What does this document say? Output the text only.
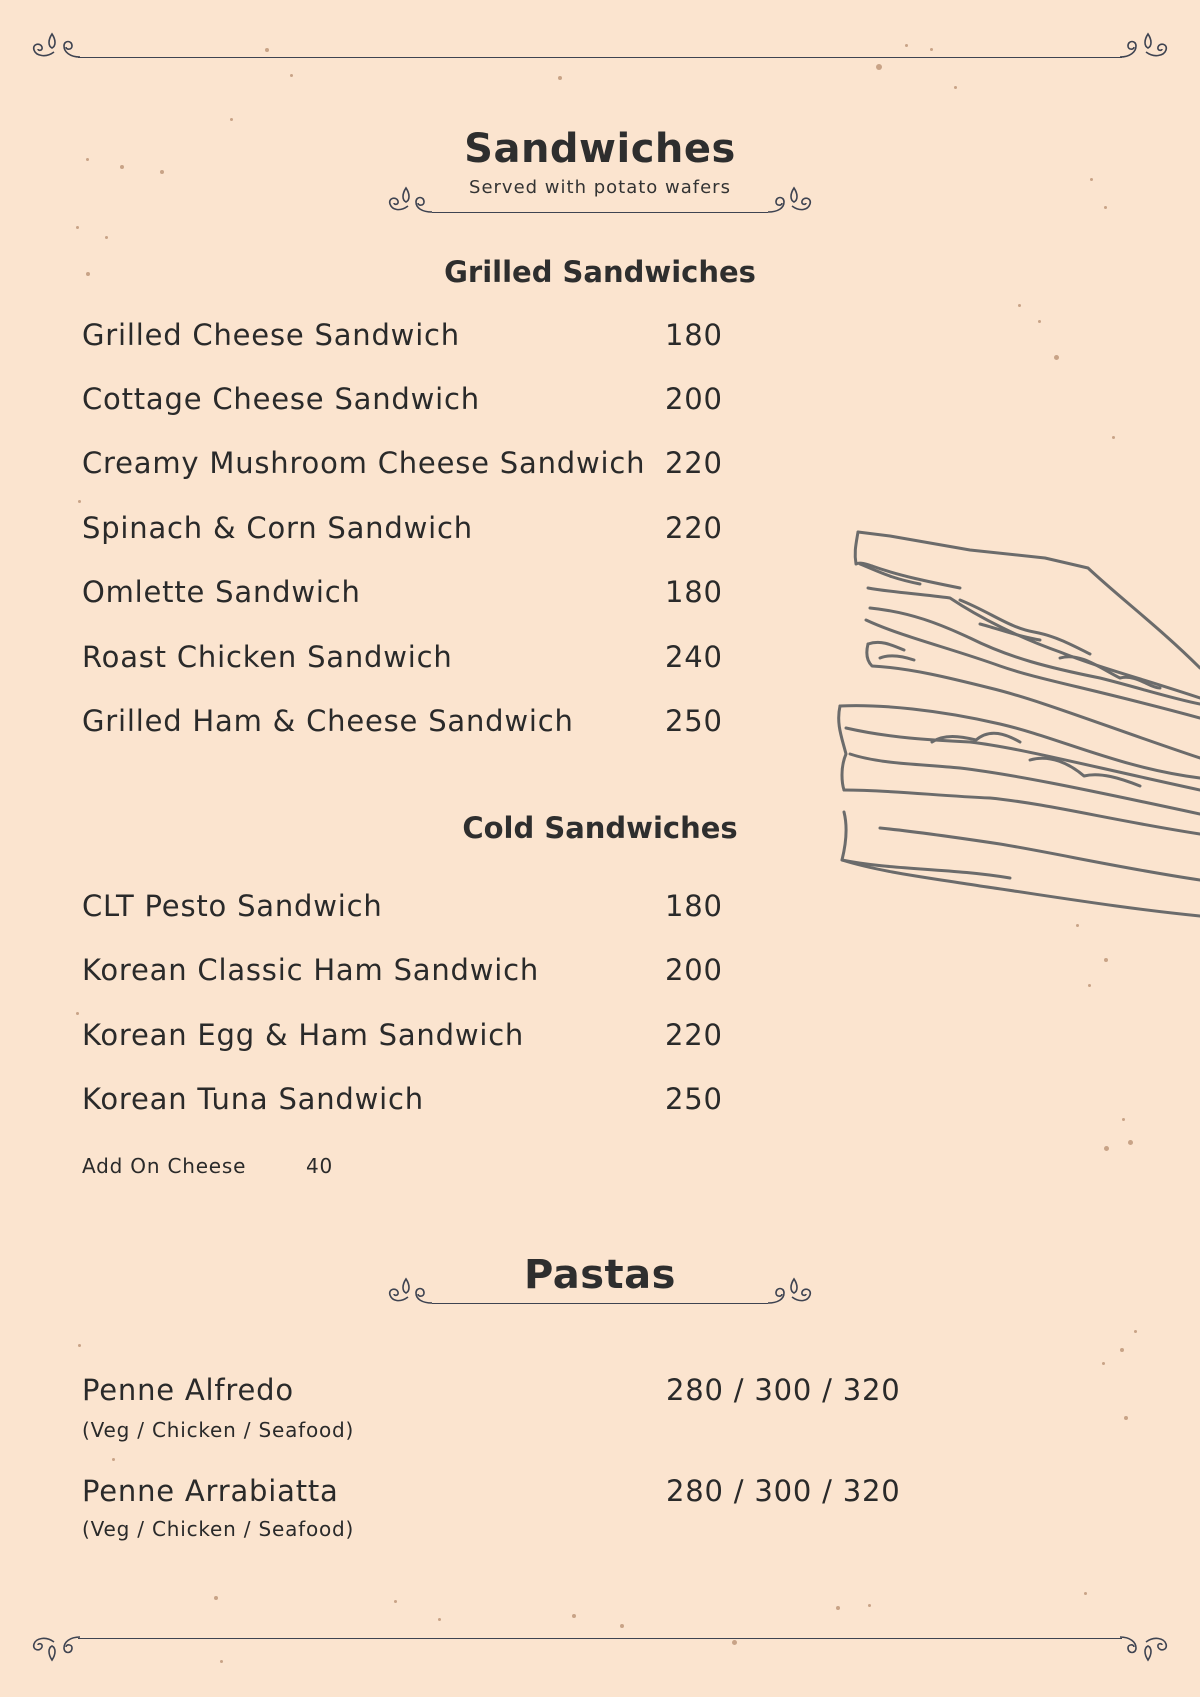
Sandwiches
Served with potato wafers
Grilled Sandwiches
Grilled Cheese Sandwich	180
Cottage Cheese Sandwich	200
Creamy Mushroom Cheese Sandwich 220
Spinach & Corn Sandwich	220
Omlette Sandwich	180
Roast Chicken Sandwich	240
Grilled Ham & Cheese Sandwich	250
Cold Sandwiches
CLT Pesto Sandwich	180
Korean Classic Ham Sandwich	200
Korean Egg & Ham Sandwich	220
Korean Tuna Sandwich	250
Add On Cheese	40
Pastas
Penne Alfredo	280 / 300 / 320
(Veg / Chicken / Seafood)
Penne Arrabiatta	280 / 300 / 320
(Veg / Chicken / Seafood)
